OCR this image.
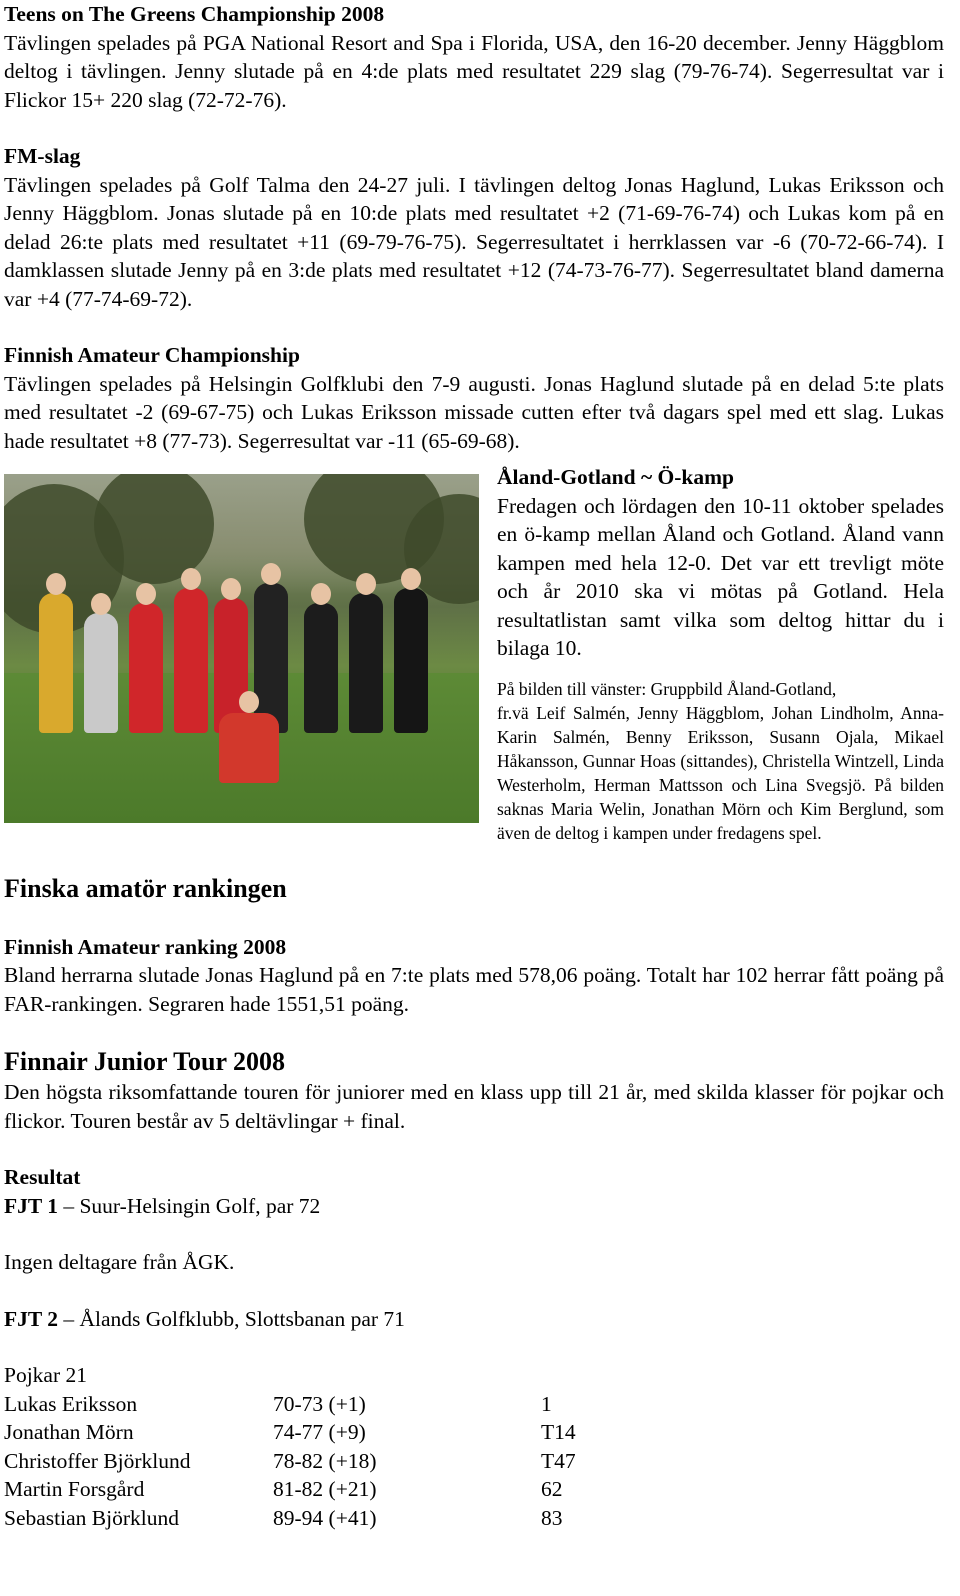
Teens on The Greens Championship 2008

Tävlingen spelades på PGA National Resort and Spa i Florida, USA, den 16-20 december. Jenny Häggblom deltog i tävlingen. Jenny slutade på en 4:de plats med resultatet 229 slag (79-76-74). Segerresultat var i Flickor 15+ 220 slag (72-72-76).

FM-slag

Tävlingen spelades på Golf Talma den 24-27 juli. I tävlingen deltog Jonas Haglund, Lukas Eriksson och Jenny Häggblom. Jonas slutade på en 10:de plats med resultatet +2 (71-69-76-74) och Lukas kom på en delad 26:te plats med resultatet +11 (69-79-76-75). Segerresultatet i herrklassen var -6 (70-72-66-74). I damklassen slutade Jenny på en 3:de plats med resultatet +12 (74-73-76-77). Segerresultatet bland damerna var +4 (77-74-69-72).

Finnish Amateur Championship

Tävlingen spelades på Helsingin Golfklubi den 7-9 augusti. Jonas Haglund slutade på en delad 5:te plats med resultatet -2 (69-67-75) och Lukas Eriksson missade cutten efter två dagars spel med ett slag. Lukas hade resultatet +8 (77-73). Segerresultat var -11 (65-69-68).

Åland-Gotland ~ Ö-kamp

Fredagen och lördagen den 10-11 oktober spelades en ö-kamp mellan Åland och Gotland. Åland vann kampen med hela 12-0. Det var ett trevligt möte och år 2010 ska vi mötas på Gotland. Hela resultatlistan samt vilka som deltog hittar du i bilaga 10.

På bilden till vänster: Gruppbild Åland-Gotland,

fr.vä Leif Salmén, Jenny Häggblom, Johan Lindholm, Anna-Karin Salmén, Benny Eriksson, Susann Ojala, Mikael Håkansson, Gunnar Hoas (sittandes), Christella Wintzell, Linda Westerholm, Herman Mattsson och Lina Svegsjö. På bilden saknas Maria Welin, Jonathan Mörn och Kim Berglund, som även de deltog i kampen under fredagens spel.

Finska amatör rankingen

Finnish Amateur ranking 2008

Bland herrarna slutade Jonas Haglund på en 7:te plats med 578,06 poäng. Totalt har 102 herrar fått poäng på FAR-rankingen. Segraren hade 1551,51 poäng.

Finnair Junior Tour 2008

Den högsta riksomfattande touren för juniorer med en klass upp till 21 år, med skilda klasser för pojkar och flickor. Touren består av 5 deltävlingar + final.

Resultat

FJT 1 – Suur-Helsingin Golf, par 72

Ingen deltagare från ÅGK.

FJT 2 – Ålands Golfklubb, Slottsbanan par 71

Pojkar 21

Lukas Eriksson	70-73 (+1)	1
Jonathan Mörn	74-77 (+9)	T14
Christoffer Björklund	78-82 (+18)	T47
Martin Forsgård	81-82 (+21)	62
Sebastian Björklund	89-94 (+41)	83
